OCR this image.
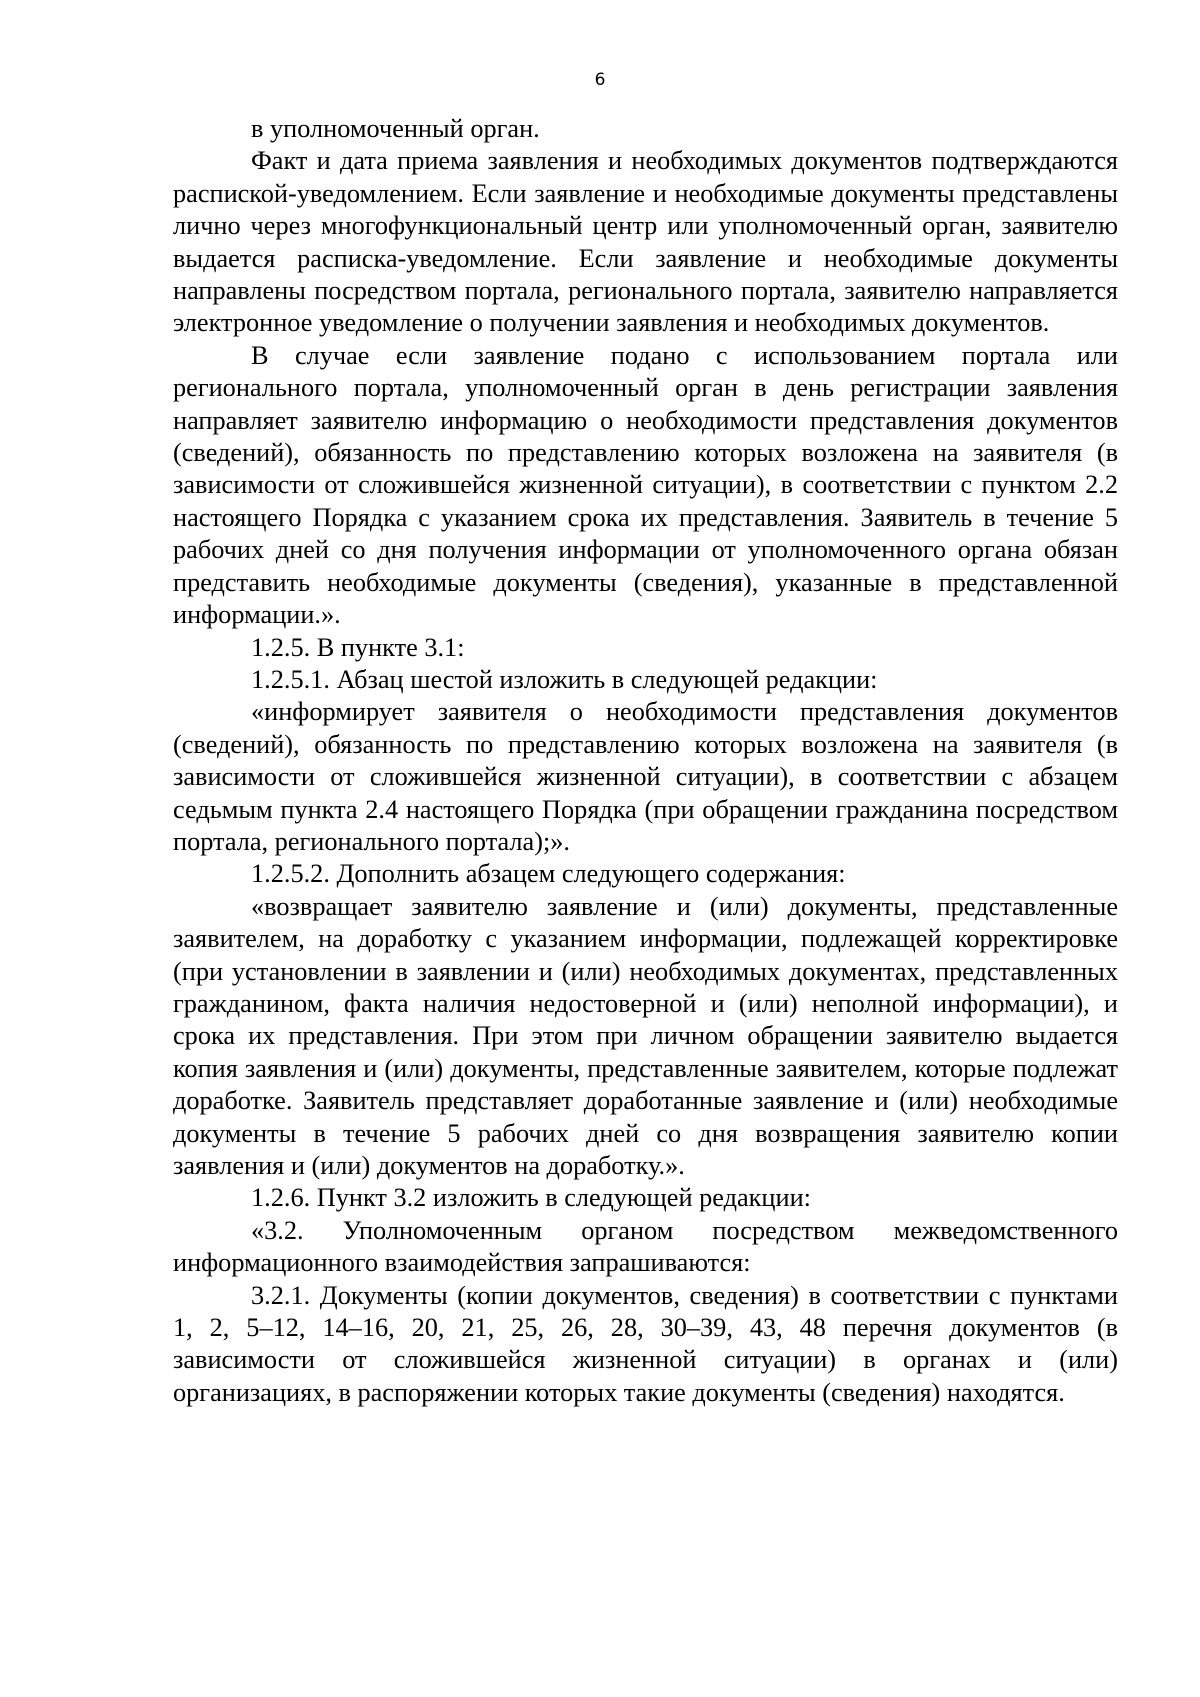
6

в уполномоченный орган.

Факт и дата приема заявления и необходимых документов подтверждаются распиской-уведомлением. Если заявление и необходимые документы представлены лично через многофункциональный центр или уполномоченный орган, заявителю выдается расписка-уведомление. Если заявление и необходимые документы направлены посредством портала, регионального портала, заявителю направляется электронное уведомление о получении заявления и необходимых документов.

В случае если заявление подано с использованием портала или регионального портала, уполномоченный орган в день регистрации заявления направляет заявителю информацию о необходимости представления документов (сведений), обязанность по представлению которых возложена на заявителя (в зависимости от сложившейся жизненной ситуации), в соответствии с пунктом 2.2 настоящего Порядка с указанием срока их представления. Заявитель в течение 5 рабочих дней со дня получения информации от уполномоченного органа обязан представить необходимые документы (сведения), указанные в представленной информации.».

1.2.5. В пункте 3.1:

1.2.5.1. Абзац шестой изложить в следующей редакции:

«информирует заявителя о необходимости представления документов (сведений), обязанность по представлению которых возложена на заявителя (в зависимости от сложившейся жизненной ситуации), в соответствии с абзацем седьмым пункта 2.4 настоящего Порядка (при обращении гражданина посредством портала, регионального портала);».

1.2.5.2. Дополнить абзацем следующего содержания:

«возвращает заявителю заявление и (или) документы, представленные заявителем, на доработку с указанием информации, подлежащей корректировке (при установлении в заявлении и (или) необходимых документах, представленных гражданином, факта наличия недостоверной и (или) неполной информации), и срока их представления. При этом при личном обращении заявителю выдается копия заявления и (или) документы, представленные заявителем, которые подлежат доработке. Заявитель представляет доработанные заявление и (или) необходимые документы в течение 5 рабочих дней со дня возвращения заявителю копии заявления и (или) документов на доработку.».

1.2.6. Пункт 3.2 изложить в следующей редакции:

«3.2. Уполномоченным органом посредством межведомственного информационного взаимодействия запрашиваются:

3.2.1. Документы (копии документов, сведения) в соответствии с пунктами 1, 2, 5–12, 14–16, 20, 21, 25, 26, 28, 30–39, 43, 48 перечня документов (в зависимости от сложившейся жизненной ситуации) в органах и (или) организациях, в распоряжении которых такие документы (сведения) находятся.
